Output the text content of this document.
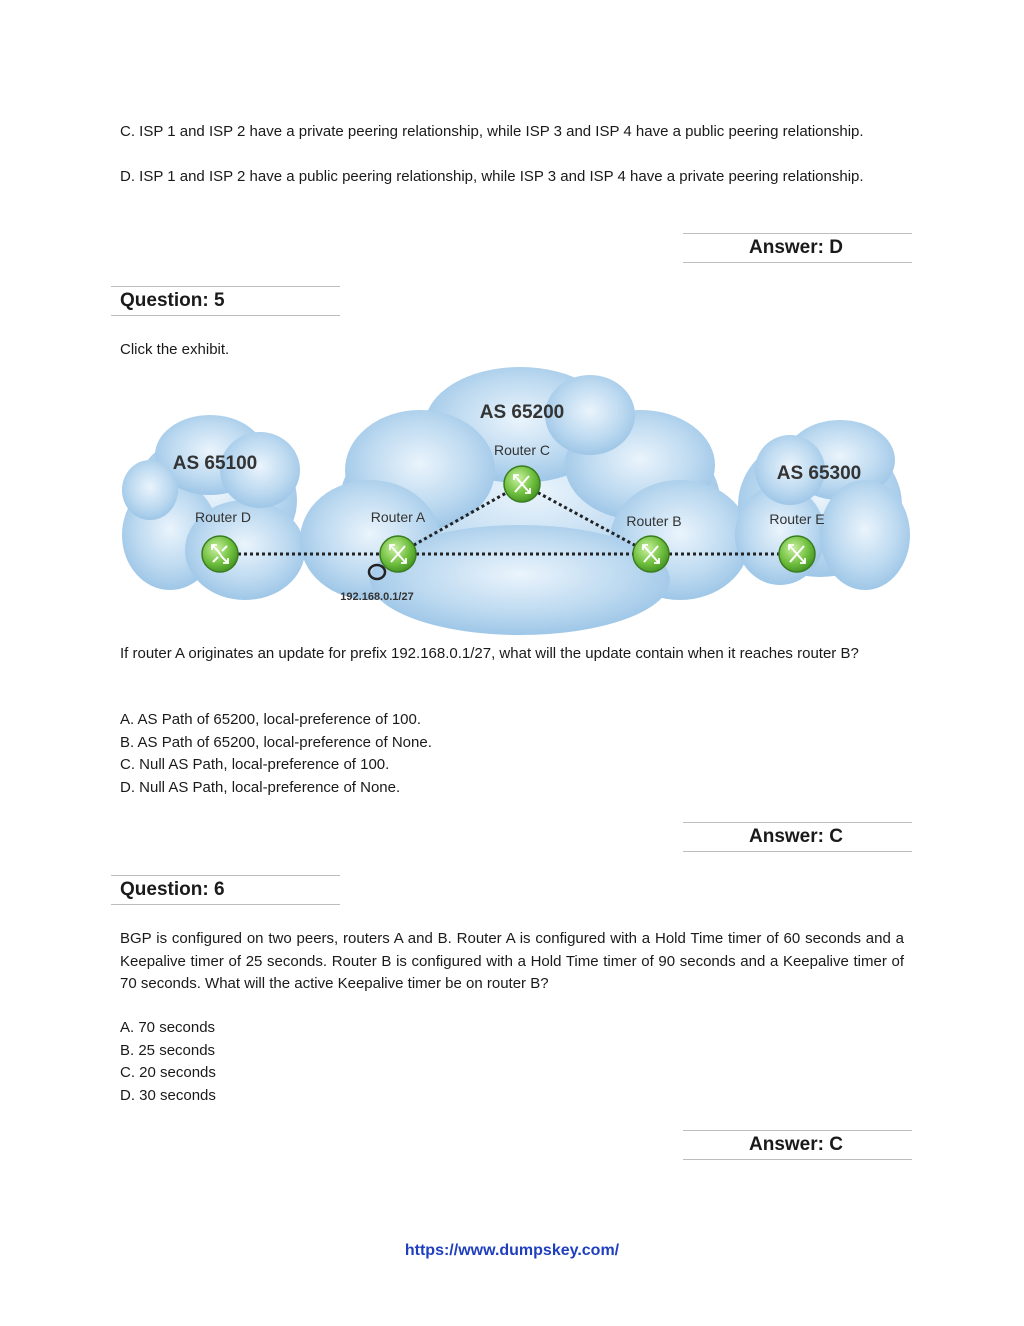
C. ISP 1 and ISP 2 have a private peering relationship, while ISP 3 and ISP 4 have a public peering relationship.

D. ISP 1 and ISP 2 have a public peering relationship, while ISP 3 and ISP 4 have a private peering relationship.

Answer: D
Question: 5

Click the exhibit.

AS 65200
AS 65100	AS 65300
Router C
Router D	Router A	Router B	Router E
192.168.0.1/27

If router A originates an update for prefix 192.168.0.1/27, what will the update contain when it reaches router B?

A. AS Path of 65200, local-preference of 100.
B. AS Path of 65200, local-preference of None.
C. Null AS Path, local-preference of 100.
D. Null AS Path, local-preference of None.
Answer: C
Question: 6

BGP is configured on two peers, routers A and B. Router A is configured with a Hold Time timer of 60 seconds and a Keepalive timer of 25 seconds. Router B is configured with a Hold Time timer of 90 seconds and a Keepalive timer of 70 seconds. What will the active Keepalive timer be on router B?

A. 70 seconds
B. 25 seconds
C. 20 seconds
D. 30 seconds
Answer: C
https://www.dumpskey.com/
